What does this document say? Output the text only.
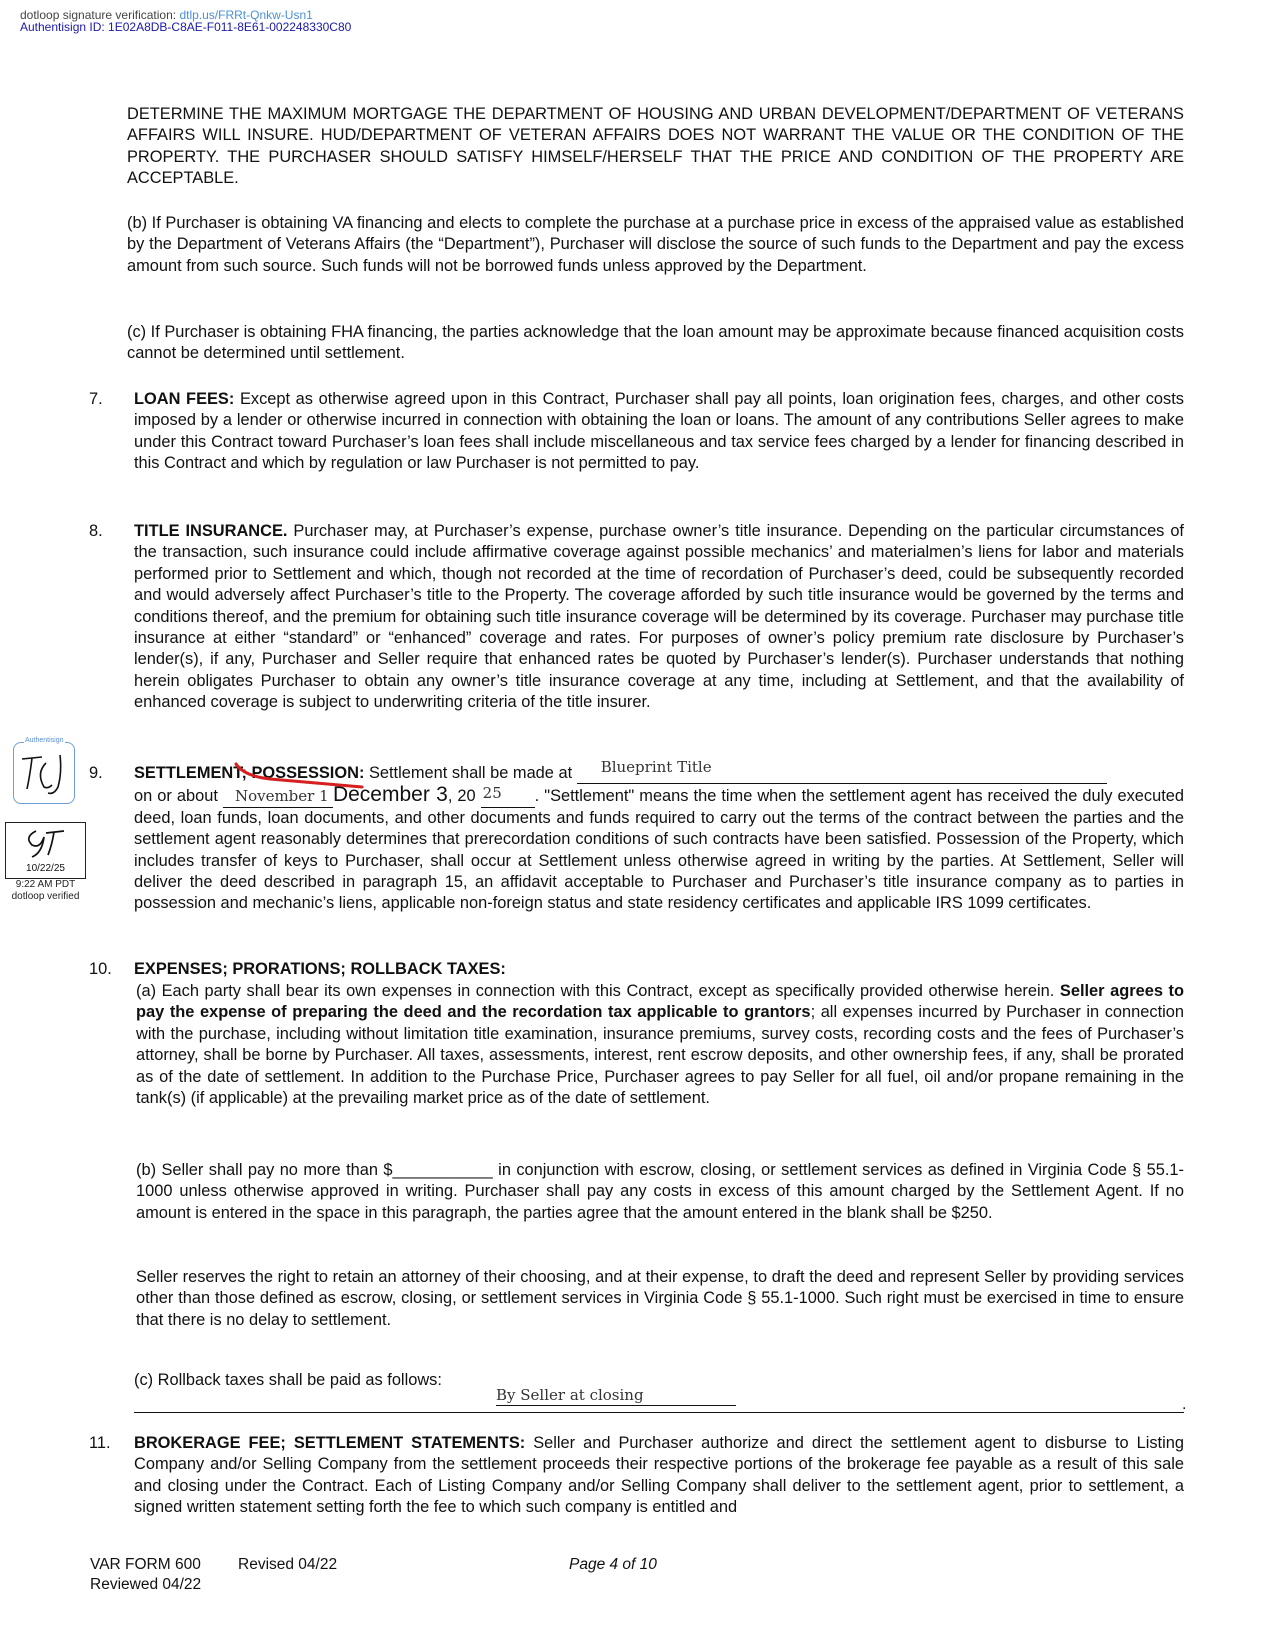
dotloop signature verification: dtlp.us/FRRt-Qnkw-Usn1
Authentisign ID: 1E02A8DB-C8AE-F011-8E61-002248330C80
DETERMINE THE MAXIMUM MORTGAGE THE DEPARTMENT OF HOUSING AND URBAN DEVELOPMENT/DEPARTMENT OF VETERANS AFFAIRS WILL INSURE. HUD/DEPARTMENT OF VETERAN AFFAIRS DOES NOT WARRANT THE VALUE OR THE CONDITION OF THE PROPERTY. THE PURCHASER SHOULD SATISFY HIMSELF/HERSELF THAT THE PRICE AND CONDITION OF THE PROPERTY ARE ACCEPTABLE.
(b) If Purchaser is obtaining VA financing and elects to complete the purchase at a purchase price in excess of the appraised value as established by the Department of Veterans Affairs (the “Department”), Purchaser will disclose the source of such funds to the Department and pay the excess amount from such source. Such funds will not be borrowed funds unless approved by the Department.
(c) If Purchaser is obtaining FHA financing, the parties acknowledge that the loan amount may be approximate because financed acquisition costs cannot be determined until settlement.
7. LOAN FEES: Except as otherwise agreed upon in this Contract, Purchaser shall pay all points, loan origination fees, charges, and other costs imposed by a lender or otherwise incurred in connection with obtaining the loan or loans. The amount of any contributions Seller agrees to make under this Contract toward Purchaser’s loan fees shall include miscellaneous and tax service fees charged by a lender for financing described in this Contract and which by regulation or law Purchaser is not permitted to pay.
8. TITLE INSURANCE. Purchaser may, at Purchaser’s expense, purchase owner’s title insurance. Depending on the particular circumstances of the transaction, such insurance could include affirmative coverage against possible mechanics’ and materialmen’s liens for labor and materials performed prior to Settlement and which, though not recorded at the time of recordation of Purchaser’s deed, could be subsequently recorded and would adversely affect Purchaser’s title to the Property. The coverage afforded by such title insurance would be governed by the terms and conditions thereof, and the premium for obtaining such title insurance coverage will be determined by its coverage. Purchaser may purchase title insurance at either “standard” or “enhanced” coverage and rates. For purposes of owner’s policy premium rate disclosure by Purchaser’s lender(s), if any, Purchaser and Seller require that enhanced rates be quoted by Purchaser’s lender(s). Purchaser understands that nothing herein obligates Purchaser to obtain any owner’s title insurance coverage at any time, including at Settlement, and that the availability of enhanced coverage is subject to underwriting criteria of the title insurer.
Authentisign
10/22/25
9:22 AM PDT
dotloop verified
9. SETTLEMENT; POSSESSION: Settlement shall be made at Blueprint Title

on or about November 1 December 3, 20 25 . "Settlement" means the time when the settlement agent has received the duly executed deed, loan funds, loan documents, and other documents and funds required to carry out the terms of the contract between the parties and the settlement agent reasonably determines that prerecordation conditions of such contracts have been satisfied. Possession of the Property, which includes transfer of keys to Purchaser, shall occur at Settlement unless otherwise agreed in writing by the parties. At Settlement, Seller will deliver the deed described in paragraph 15, an affidavit acceptable to Purchaser and Purchaser’s title insurance company as to parties in possession and mechanic’s liens, applicable non-foreign status and state residency certificates and applicable IRS 1099 certificates.
10. EXPENSES; PRORATIONS; ROLLBACK TAXES:
(a) Each party shall bear its own expenses in connection with this Contract, except as specifically provided otherwise herein. Seller agrees to pay the expense of preparing the deed and the recordation tax applicable to grantors; all expenses incurred by Purchaser in connection with the purchase, including without limitation title examination, insurance premiums, survey costs, recording costs and the fees of Purchaser’s attorney, shall be borne by Purchaser. All taxes, assessments, interest, rent escrow deposits, and other ownership fees, if any, shall be prorated as of the date of settlement. In addition to the Purchase Price, Purchaser agrees to pay Seller for all fuel, oil and/or propane remaining in the tank(s) (if applicable) at the prevailing market price as of the date of settlement.
(b) Seller shall pay no more than $___________ in conjunction with escrow, closing, or settlement services as defined in Virginia Code § 55.1-1000 unless otherwise approved in writing. Purchaser shall pay any costs in excess of this amount charged by the Settlement Agent. If no amount is entered in the space in this paragraph, the parties agree that the amount entered in the blank shall be $250.
Seller reserves the right to retain an attorney of their choosing, and at their expense, to draft the deed and represent Seller by providing services other than those defined as escrow, closing, or settlement services in Virginia Code § 55.1-1000. Such right must be exercised in time to ensure that there is no delay to settlement.
(c) Rollback taxes shall be paid as follows:
By Seller at closing
.
11. BROKERAGE FEE; SETTLEMENT STATEMENTS: Seller and Purchaser authorize and direct the settlement agent to disburse to Listing Company and/or Selling Company from the settlement proceeds their respective portions of the brokerage fee payable as a result of this sale and closing under the Contract. Each of Listing Company and/or Selling Company shall deliver to the settlement agent, prior to settlement, a signed written statement setting forth the fee to which such company is entitled and
VAR FORM 600 Revised 04/22
Reviewed 04/22
Page 4 of 10
